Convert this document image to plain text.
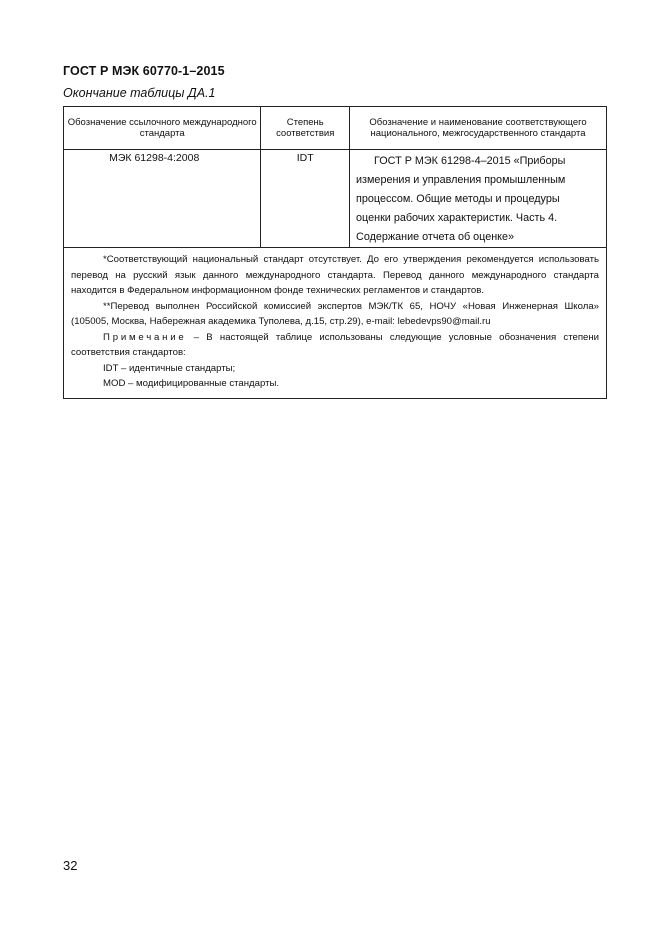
ГОСТ Р МЭК 60770-1–2015
Окончание таблицы ДА.1
Обозначение ссылочного международного стандарта	Степень соответствия	Обозначение и наименование соответствующего национального, межгосударственного стандарта
МЭК 61298-4:2008	IDT	ГОСТ Р МЭК 61298-4–2015 «Приборы
измерения и управления промышленным
процессом. Общие методы и процедуры
оценки рабочих характеристик. Часть 4.
Содержание отчета об оценке»

*Соответствующий национальный стандарт отсутствует. До его утверждения рекомендуется использовать перевод на русский язык данного международного стандарта. Перевод данного международного стандарта находится в Федеральном информационном фонде технических регламентов и стандартов.

**Перевод выполнен Российской комиссией экспертов МЭК/ТК 65, НОЧУ «Новая Инженерная Школа» (105005, Москва, Набережная академика Туполева, д.15, стр.29), e-mail: lebedevps90@mail.ru

Примечание – В настоящей таблице использованы следующие условные обозначения степени соответствия стандартов:

IDT – идентичные стандарты;

MOD – модифицированные стандарты.		

32
